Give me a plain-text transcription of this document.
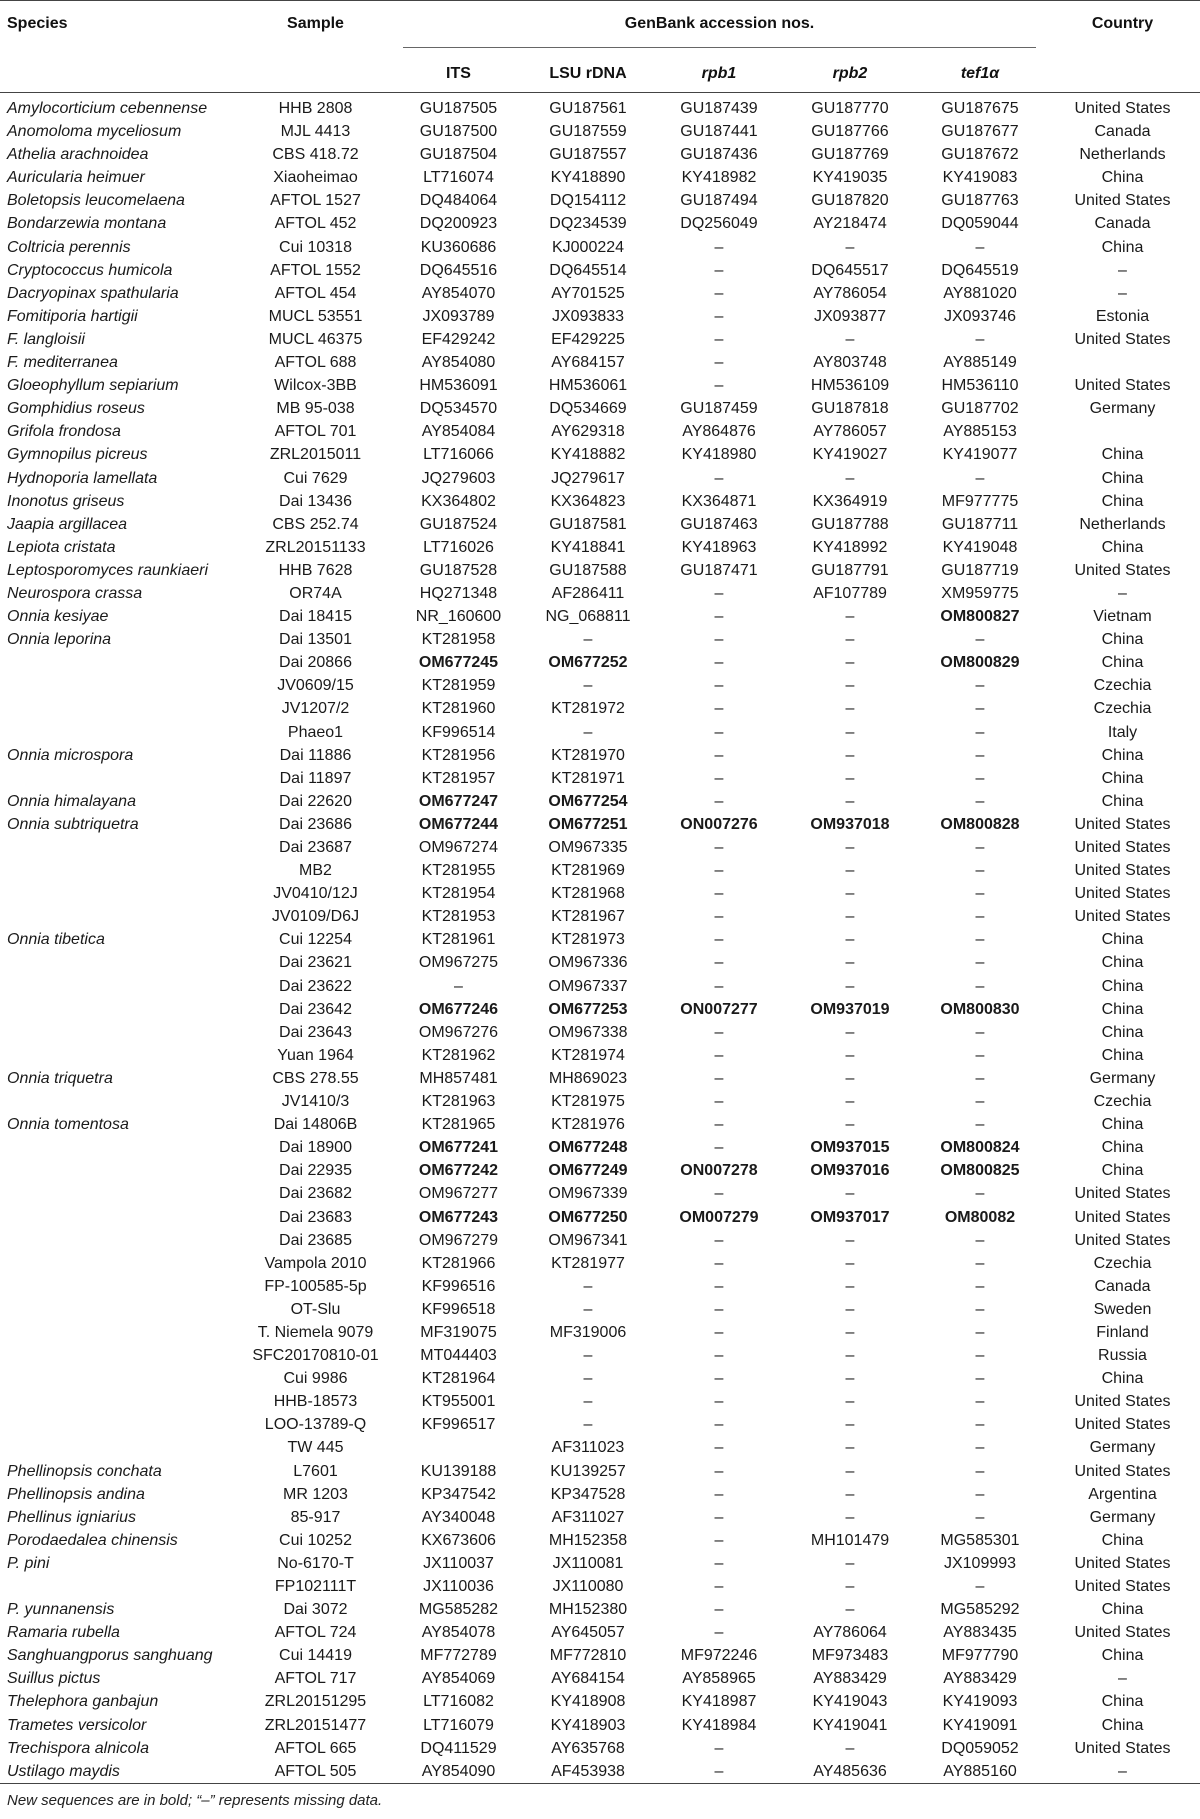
Species	Sample	GenBank accession nos.					Country
		ITS	LSU rDNA	rpb1	rpb2	tef1α	
Amylocorticium cebennense	HHB 2808	GU187505	GU187561	GU187439	GU187770	GU187675	United States
Anomoloma myceliosum	MJL 4413	GU187500	GU187559	GU187441	GU187766	GU187677	Canada
Athelia arachnoidea	CBS 418.72	GU187504	GU187557	GU187436	GU187769	GU187672	Netherlands
Auricularia heimuer	Xiaoheimao	LT716074	KY418890	KY418982	KY419035	KY419083	China
Boletopsis leucomelaena	AFTOL 1527	DQ484064	DQ154112	GU187494	GU187820	GU187763	United States
Bondarzewia montana	AFTOL 452	DQ200923	DQ234539	DQ256049	AY218474	DQ059044	Canada
Coltricia perennis	Cui 10318	KU360686	KJ000224	–	–	–	China
Cryptococcus humicola	AFTOL 1552	DQ645516	DQ645514	–	DQ645517	DQ645519	–
Dacryopinax spathularia	AFTOL 454	AY854070	AY701525	–	AY786054	AY881020	–
Fomitiporia hartigii	MUCL 53551	JX093789	JX093833	–	JX093877	JX093746	Estonia
F. langloisii	MUCL 46375	EF429242	EF429225	–	–	–	United States
F. mediterranea	AFTOL 688	AY854080	AY684157	–	AY803748	AY885149	
Gloeophyllum sepiarium	Wilcox-3BB	HM536091	HM536061	–	HM536109	HM536110	United States
Gomphidius roseus	MB 95-038	DQ534570	DQ534669	GU187459	GU187818	GU187702	Germany
Grifola frondosa	AFTOL 701	AY854084	AY629318	AY864876	AY786057	AY885153	
Gymnopilus picreus	ZRL2015011	LT716066	KY418882	KY418980	KY419027	KY419077	China
Hydnoporia lamellata	Cui 7629	JQ279603	JQ279617	–	–	–	China
Inonotus griseus	Dai 13436	KX364802	KX364823	KX364871	KX364919	MF977775	China
Jaapia argillacea	CBS 252.74	GU187524	GU187581	GU187463	GU187788	GU187711	Netherlands
Lepiota cristata	ZRL20151133	LT716026	KY418841	KY418963	KY418992	KY419048	China
Leptosporomyces raunkiaeri	HHB 7628	GU187528	GU187588	GU187471	GU187791	GU187719	United States
Neurospora crassa	OR74A	HQ271348	AF286411	–	AF107789	XM959775	–
Onnia kesiyae	Dai 18415	NR_160600	NG_068811	–	–	OM800827	Vietnam
Onnia leporina	Dai 13501	KT281958	–	–	–	–	China
	Dai 20866	OM677245	OM677252	–	–	OM800829	China
	JV0609/15	KT281959	–	–	–	–	Czechia
	JV1207/2	KT281960	KT281972	–	–	–	Czechia
	Phaeo1	KF996514	–	–	–	–	Italy
Onnia microspora	Dai 11886	KT281956	KT281970	–	–	–	China
	Dai 11897	KT281957	KT281971	–	–	–	China
Onnia himalayana	Dai 22620	OM677247	OM677254	–	–	–	China
Onnia subtriquetra	Dai 23686	OM677244	OM677251	ON007276	OM937018	OM800828	United States
	Dai 23687	OM967274	OM967335	–	–	–	United States
	MB2	KT281955	KT281969	–	–	–	United States
	JV0410/12J	KT281954	KT281968	–	–	–	United States
	JV0109/D6J	KT281953	KT281967	–	–	–	United States
Onnia tibetica	Cui 12254	KT281961	KT281973	–	–	–	China
	Dai 23621	OM967275	OM967336	–	–	–	China
	Dai 23622	–	OM967337	–	–	–	China
	Dai 23642	OM677246	OM677253	ON007277	OM937019	OM800830	China
	Dai 23643	OM967276	OM967338	–	–	–	China
	Yuan 1964	KT281962	KT281974	–	–	–	China
Onnia triquetra	CBS 278.55	MH857481	MH869023	–	–	–	Germany
	JV1410/3	KT281963	KT281975	–	–	–	Czechia
Onnia tomentosa	Dai 14806B	KT281965	KT281976	–	–	–	China
	Dai 18900	OM677241	OM677248	–	OM937015	OM800824	China
	Dai 22935	OM677242	OM677249	ON007278	OM937016	OM800825	China
	Dai 23682	OM967277	OM967339	–	–	–	United States
	Dai 23683	OM677243	OM677250	OM007279	OM937017	OM80082	United States
	Dai 23685	OM967279	OM967341	–	–	–	United States
	Vampola 2010	KT281966	KT281977	–	–	–	Czechia
	FP-100585-5p	KF996516	–	–	–	–	Canada
	OT-Slu	KF996518	–	–	–	–	Sweden
	T. Niemela 9079	MF319075	MF319006	–	–	–	Finland
	SFC20170810-01	MT044403	–	–	–	–	Russia
	Cui 9986	KT281964	–	–	–	–	China
	HHB-18573	KT955001	–	–	–	–	United States
	LOO-13789-Q	KF996517	–	–	–	–	United States
	TW 445		AF311023	–	–	–	Germany
Phellinopsis conchata	L7601	KU139188	KU139257	–	–	–	United States
Phellinopsis andina	MR 1203	KP347542	KP347528	–	–	–	Argentina
Phellinus igniarius	85-917	AY340048	AF311027	–	–	–	Germany
Porodaedalea chinensis	Cui 10252	KX673606	MH152358	–	MH101479	MG585301	China
P. pini	No-6170-T	JX110037	JX110081	–	–	JX109993	United States
	FP102111T	JX110036	JX110080	–	–	–	United States
P. yunnanensis	Dai 3072	MG585282	MH152380	–	–	MG585292	China
Ramaria rubella	AFTOL 724	AY854078	AY645057	–	AY786064	AY883435	United States
Sanghuangporus sanghuang	Cui 14419	MF772789	MF772810	MF972246	MF973483	MF977790	China
Suillus pictus	AFTOL 717	AY854069	AY684154	AY858965	AY883429	AY883429	–
Thelephora ganbajun	ZRL20151295	LT716082	KY418908	KY418987	KY419043	KY419093	China
Trametes versicolor	ZRL20151477	LT716079	KY418903	KY418984	KY419041	KY419091	China
Trechispora alnicola	AFTOL 665	DQ411529	AY635768	–	–	DQ059052	United States
Ustilago maydis	AFTOL 505	AY854090	AF453938	–	AY485636	AY885160	–
New sequences are in bold; “–” represents missing data.
